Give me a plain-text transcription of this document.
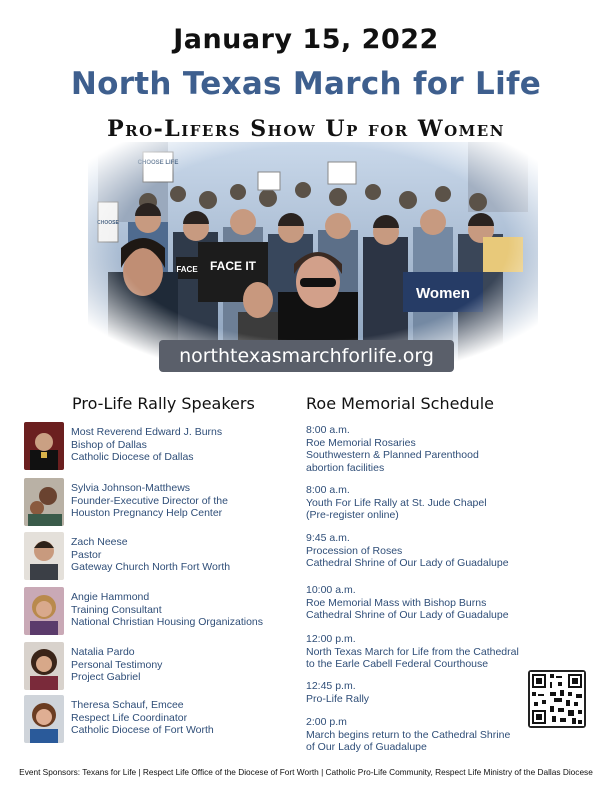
January 15, 2022
North Texas March for Life
Pro-Lifers Show Up for Women
northtexasmarchforlife.org
Pro-Life Rally Speakers	Roe Memorial Schedule
Most Reverend Edward J. Burns
Bishop of Dallas
Catholic Diocese of Dallas
Sylvia Johnson-Matthews
Founder-Executive Director of the
Houston Pregnancy Help Center
Zach Neese
Pastor
Gateway Church North Fort Worth
Angie Hammond
Training Consultant
National Christian Housing Organizations
Natalia Pardo
Personal Testimony
Project Gabriel
Theresa Schauf, Emcee
Respect Life Coordinator
Catholic Diocese of Fort Worth
8:00 a.m.
Roe Memorial Rosaries
Southwestern & Planned Parenthood
abortion facilities
8:00 a.m.
Youth For Life Rally at St. Jude Chapel
(Pre-register online)
9:45 a.m.
Procession of Roses
Cathedral Shrine of Our Lady of Guadalupe
10:00 a.m.
Roe Memorial Mass with Bishop Burns
Cathedral Shrine of Our Lady of Guadalupe
12:00 p.m.
North Texas March for Life from the Cathedral
to the Earle Cabell Federal Courthouse
12:45 p.m.
Pro-Life Rally
2:00 p.m
March begins return to the Cathedral Shrine
of Our Lady of Guadalupe
Event Sponsors: Texans for Life | Respect Life Office of the Diocese of Fort Worth | Catholic Pro-Life Community, Respect Life Ministry of the Dallas Diocese
